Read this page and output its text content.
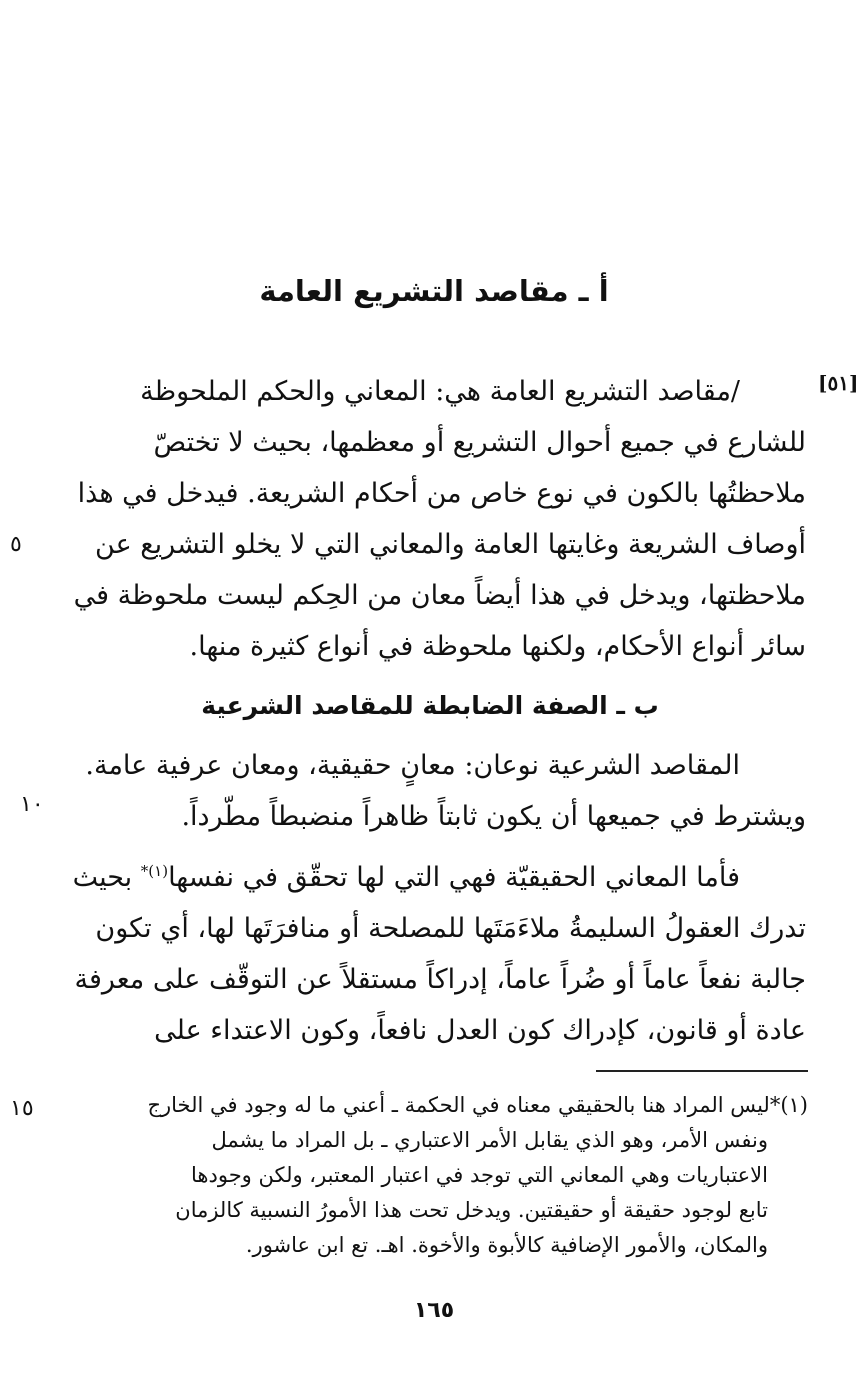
أ ـ مقاصد التشريع العامة
[٥١]

/مقاصد التشريع العامة هي: المعاني والحكم الملحوظة
للشارع في جميع أحوال التشريع أو معظمها، بحيث لا تختصّ
ملاحظتُها بالكون في نوع خاص من أحكام الشريعة. فيدخل في هذا
أوصاف الشريعة وغايتها العامة والمعاني التي لا يخلو التشريع عن
ملاحظتها، ويدخل في هذا أيضاً معان من الحِكم ليست ملحوظة في
سائر أنواع الأحكام، ولكنها ملحوظة في أنواع كثيرة منها.

٥
ب ـ الصفة الضابطة للمقاصد الشرعية

المقاصد الشرعية نوعان: معانٍ حقيقية، ومعان عرفية عامة.
ويشترط في جميعها أن يكون ثابتاً ظاهراً منضبطاً مطّرداً.

١٠

فأما المعاني الحقيقيّة فهي التي لها تحقّق في نفسها$^{(١)*}$ بحيث
تدرك العقولُ السليمةُ ملاءَمَتَها للمصلحة أو منافرَتَها لها، أي تكون
جالبة نفعاً عاماً أو ضُراً عاماً، إدراكاً مستقلاً عن التوقّف على معرفة
عادة أو قانون، كإدراك كون العدل نافعاً، وكون الاعتداء على

١٥	(١)*ليس المراد هنا بالحقيقي معناه في الحكمة ـ أعني ما له وجود في الخارج
ونفس الأمر، وهو الذي يقابل الأمر الاعتباري ـ بل المراد ما يشمل
الاعتباريات وهي المعاني التي توجد في اعتبار المعتبر، ولكن وجودها
تابع لوجود حقيقة أو حقيقتين. ويدخل تحت هذا الأمورُ النسبية كالزمان
والمكان، والأمور الإضافية كالأبوة والأخوة. اهـ. تع ابن عاشور.
١٦٥
